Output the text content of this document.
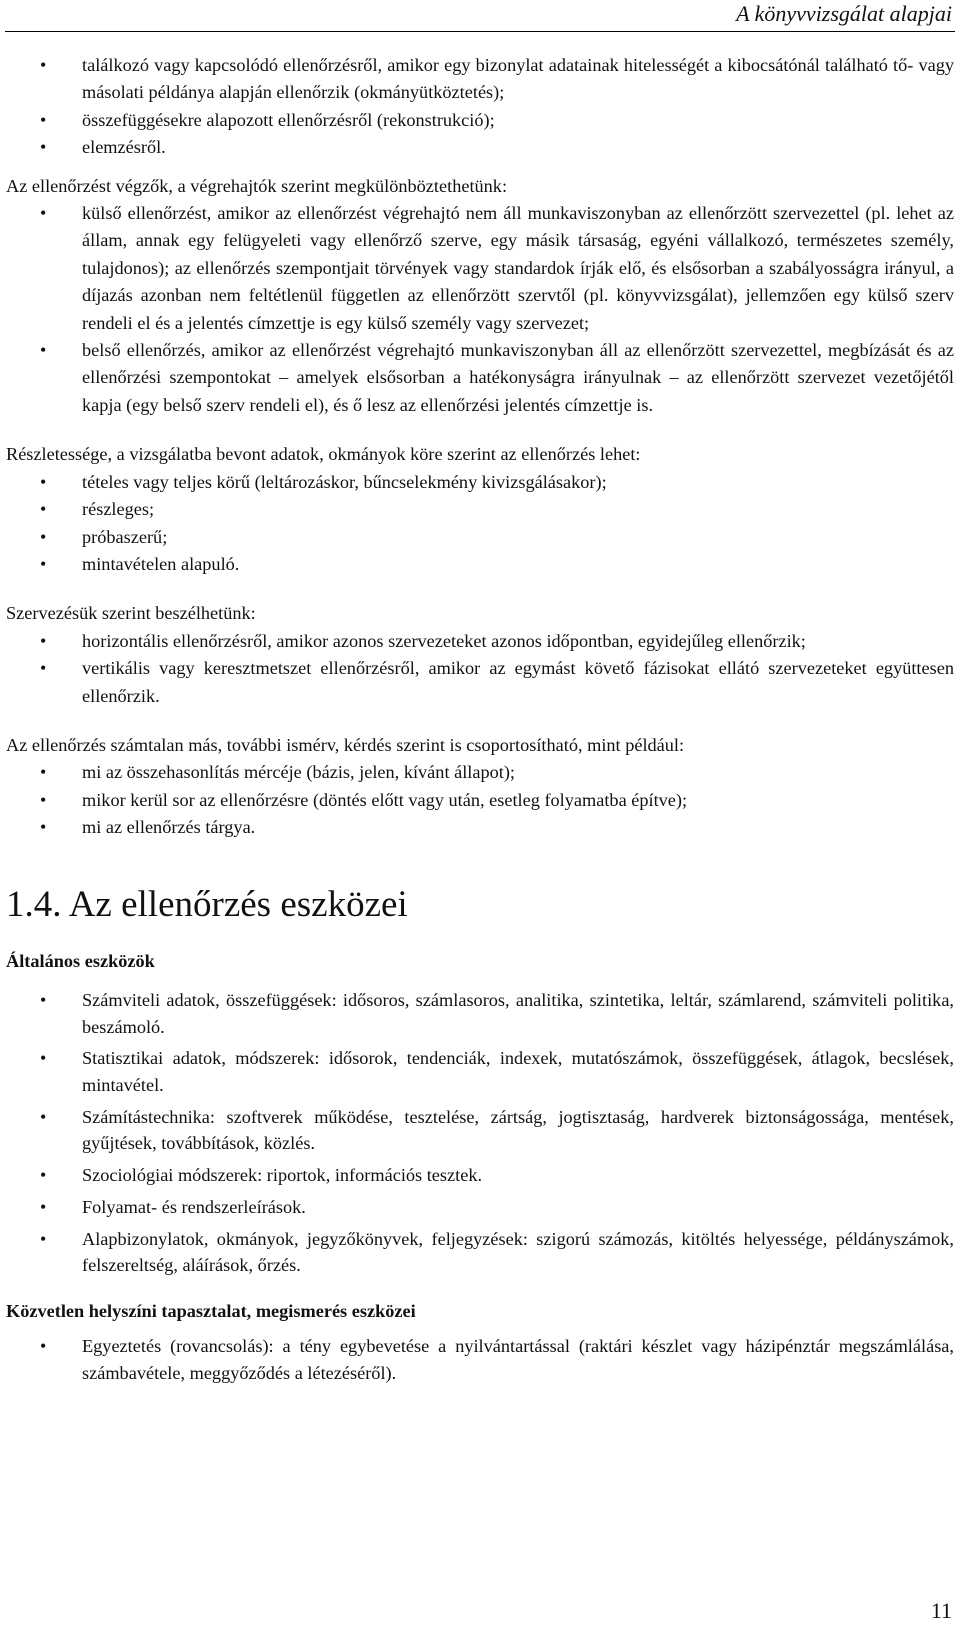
A könyvvizsgálat alapjai
• találkozó vagy kapcsolódó ellenőrzésről, amikor egy bizonylat adatainak hitelességét a kibocsátónál található tő- vagy másolati példánya alapján ellenőrzik (okmányütköztetés);
• összefüggésekre alapozott ellenőrzésről (rekonstrukció);
• elemzésről.

Az ellenőrzést végzők, a végrehajtók szerint megkülönböztethetünk:

• külső ellenőrzést, amikor az ellenőrzést végrehajtó nem áll munkaviszonyban az ellenőrzött szervezettel (pl. lehet az állam, annak egy felügyeleti vagy ellenőrző szerve, egy másik társaság, egyéni vállalkozó, természetes személy, tulajdonos); az ellenőrzés szempontjait törvények vagy standardok írják elő, és elsősorban a szabályosságra irányul, a díjazás azonban nem feltétlenül független az ellenőrzött szervtől (pl. könyvvizsgálat), jellemzően egy külső szerv rendeli el és a jelentés címzettje is egy külső személy vagy szervezet;
• belső ellenőrzés, amikor az ellenőrzést végrehajtó munkaviszonyban áll az ellenőrzött szervezettel, megbízását és az ellenőrzési szempontokat – amelyek elsősorban a hatékonyságra irányulnak – az ellenőrzött szervezet vezetőjétől kapja (egy belső szerv rendeli el), és ő lesz az ellenőrzési jelentés címzettje is.

Részletessége, a vizsgálatba bevont adatok, okmányok köre szerint az ellenőrzés lehet:

• tételes vagy teljes körű (leltározáskor, bűncselekmény kivizsgálásakor);
• részleges;
• próbaszerű;
• mintavételen alapuló.

Szervezésük szerint beszélhetünk:

• horizontális ellenőrzésről, amikor azonos szervezeteket azonos időpontban, egyidejűleg ellenőrzik;
• vertikális vagy keresztmetszet ellenőrzésről, amikor az egymást követő fázisokat ellátó szervezeteket együttesen ellenőrzik.

Az ellenőrzés számtalan más, további ismérv, kérdés szerint is csoportosítható, mint például:

• mi az összehasonlítás mércéje (bázis, jelen, kívánt állapot);
• mikor kerül sor az ellenőrzésre (döntés előtt vagy után, esetleg folyamatba építve);
• mi az ellenőrzés tárgya.
1.4. Az ellenőrzés eszközei

Általános eszközök

• Számviteli adatok, összefüggések: idősoros, számlasoros, analitika, szintetika, leltár, számlarend, számviteli politika, beszámoló.
• Statisztikai adatok, módszerek: idősorok, tendenciák, indexek, mutatószámok, összefüggések, átlagok, becslések, mintavétel.
• Számítástechnika: szoftverek működése, tesztelése, zártság, jogtisztaság, hardverek biztonságossága, mentések, gyűjtések, továbbítások, közlés.
• Szociológiai módszerek: riportok, információs tesztek.
• Folyamat- és rendszerleírások.
• Alapbizonylatok, okmányok, jegyzőkönyvek, feljegyzések: szigorú számozás, kitöltés helyessége, példányszámok, felszereltség, aláírások, őrzés.

Közvetlen helyszíni tapasztalat, megismerés eszközei

• Egyeztetés (rovancsolás): a tény egybevetése a nyilvántartással (raktári készlet vagy házipénztár megszámlálása, számbavétele, meggyőződés a létezéséről).
11
